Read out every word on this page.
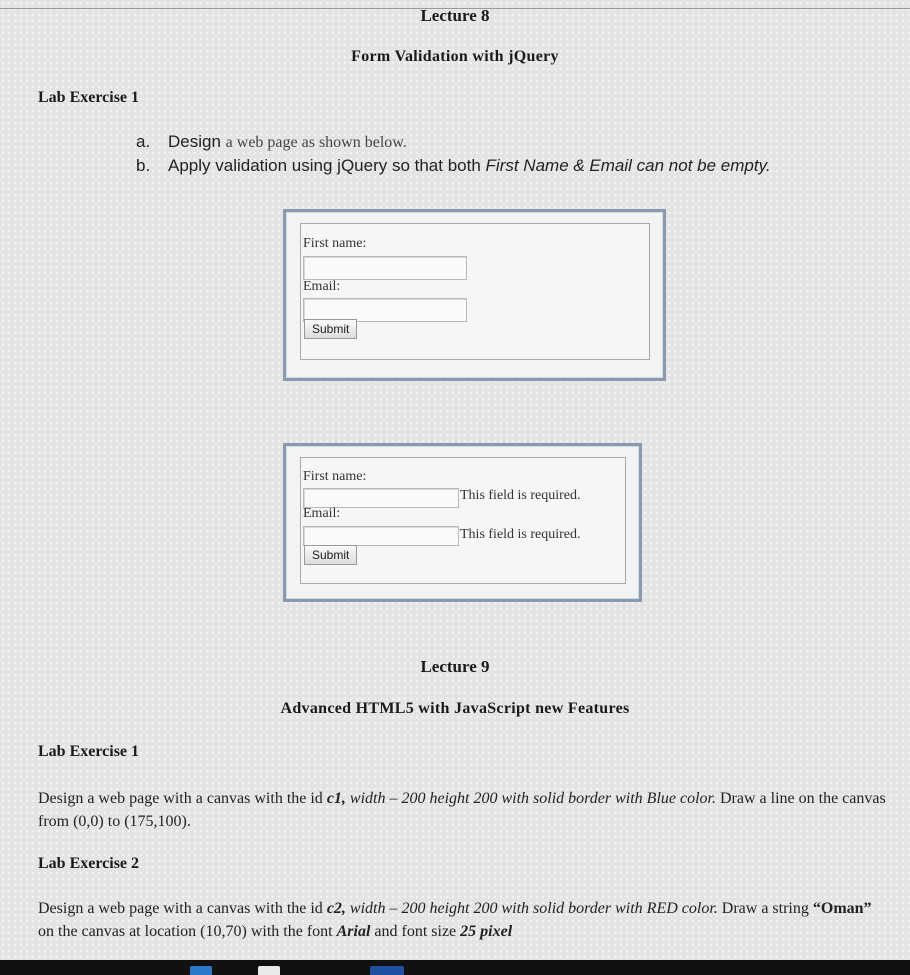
Lecture 8
Form Validation with jQuery
Lab Exercise 1
a. Design a web page as shown below.
b. Apply validation using jQuery so that both First Name & Email can not be empty.
First name:
Email:
Submit
First name:
This field is required.
Email:
This field is required.
Submit
Lecture 9
Advanced HTML5 with JavaScript new Features
Lab Exercise 1
Design a web page with a canvas with the id c1, width – 200 height 200 with solid border with Blue color. Draw a line on the canvas from (0,0) to (175,100).
Lab Exercise 2
Design a web page with a canvas with the id c2, width – 200 height 200 with solid border with RED color. Draw a string “Oman” on the canvas at location (10,70) with the font Arial and font size 25 pixel
